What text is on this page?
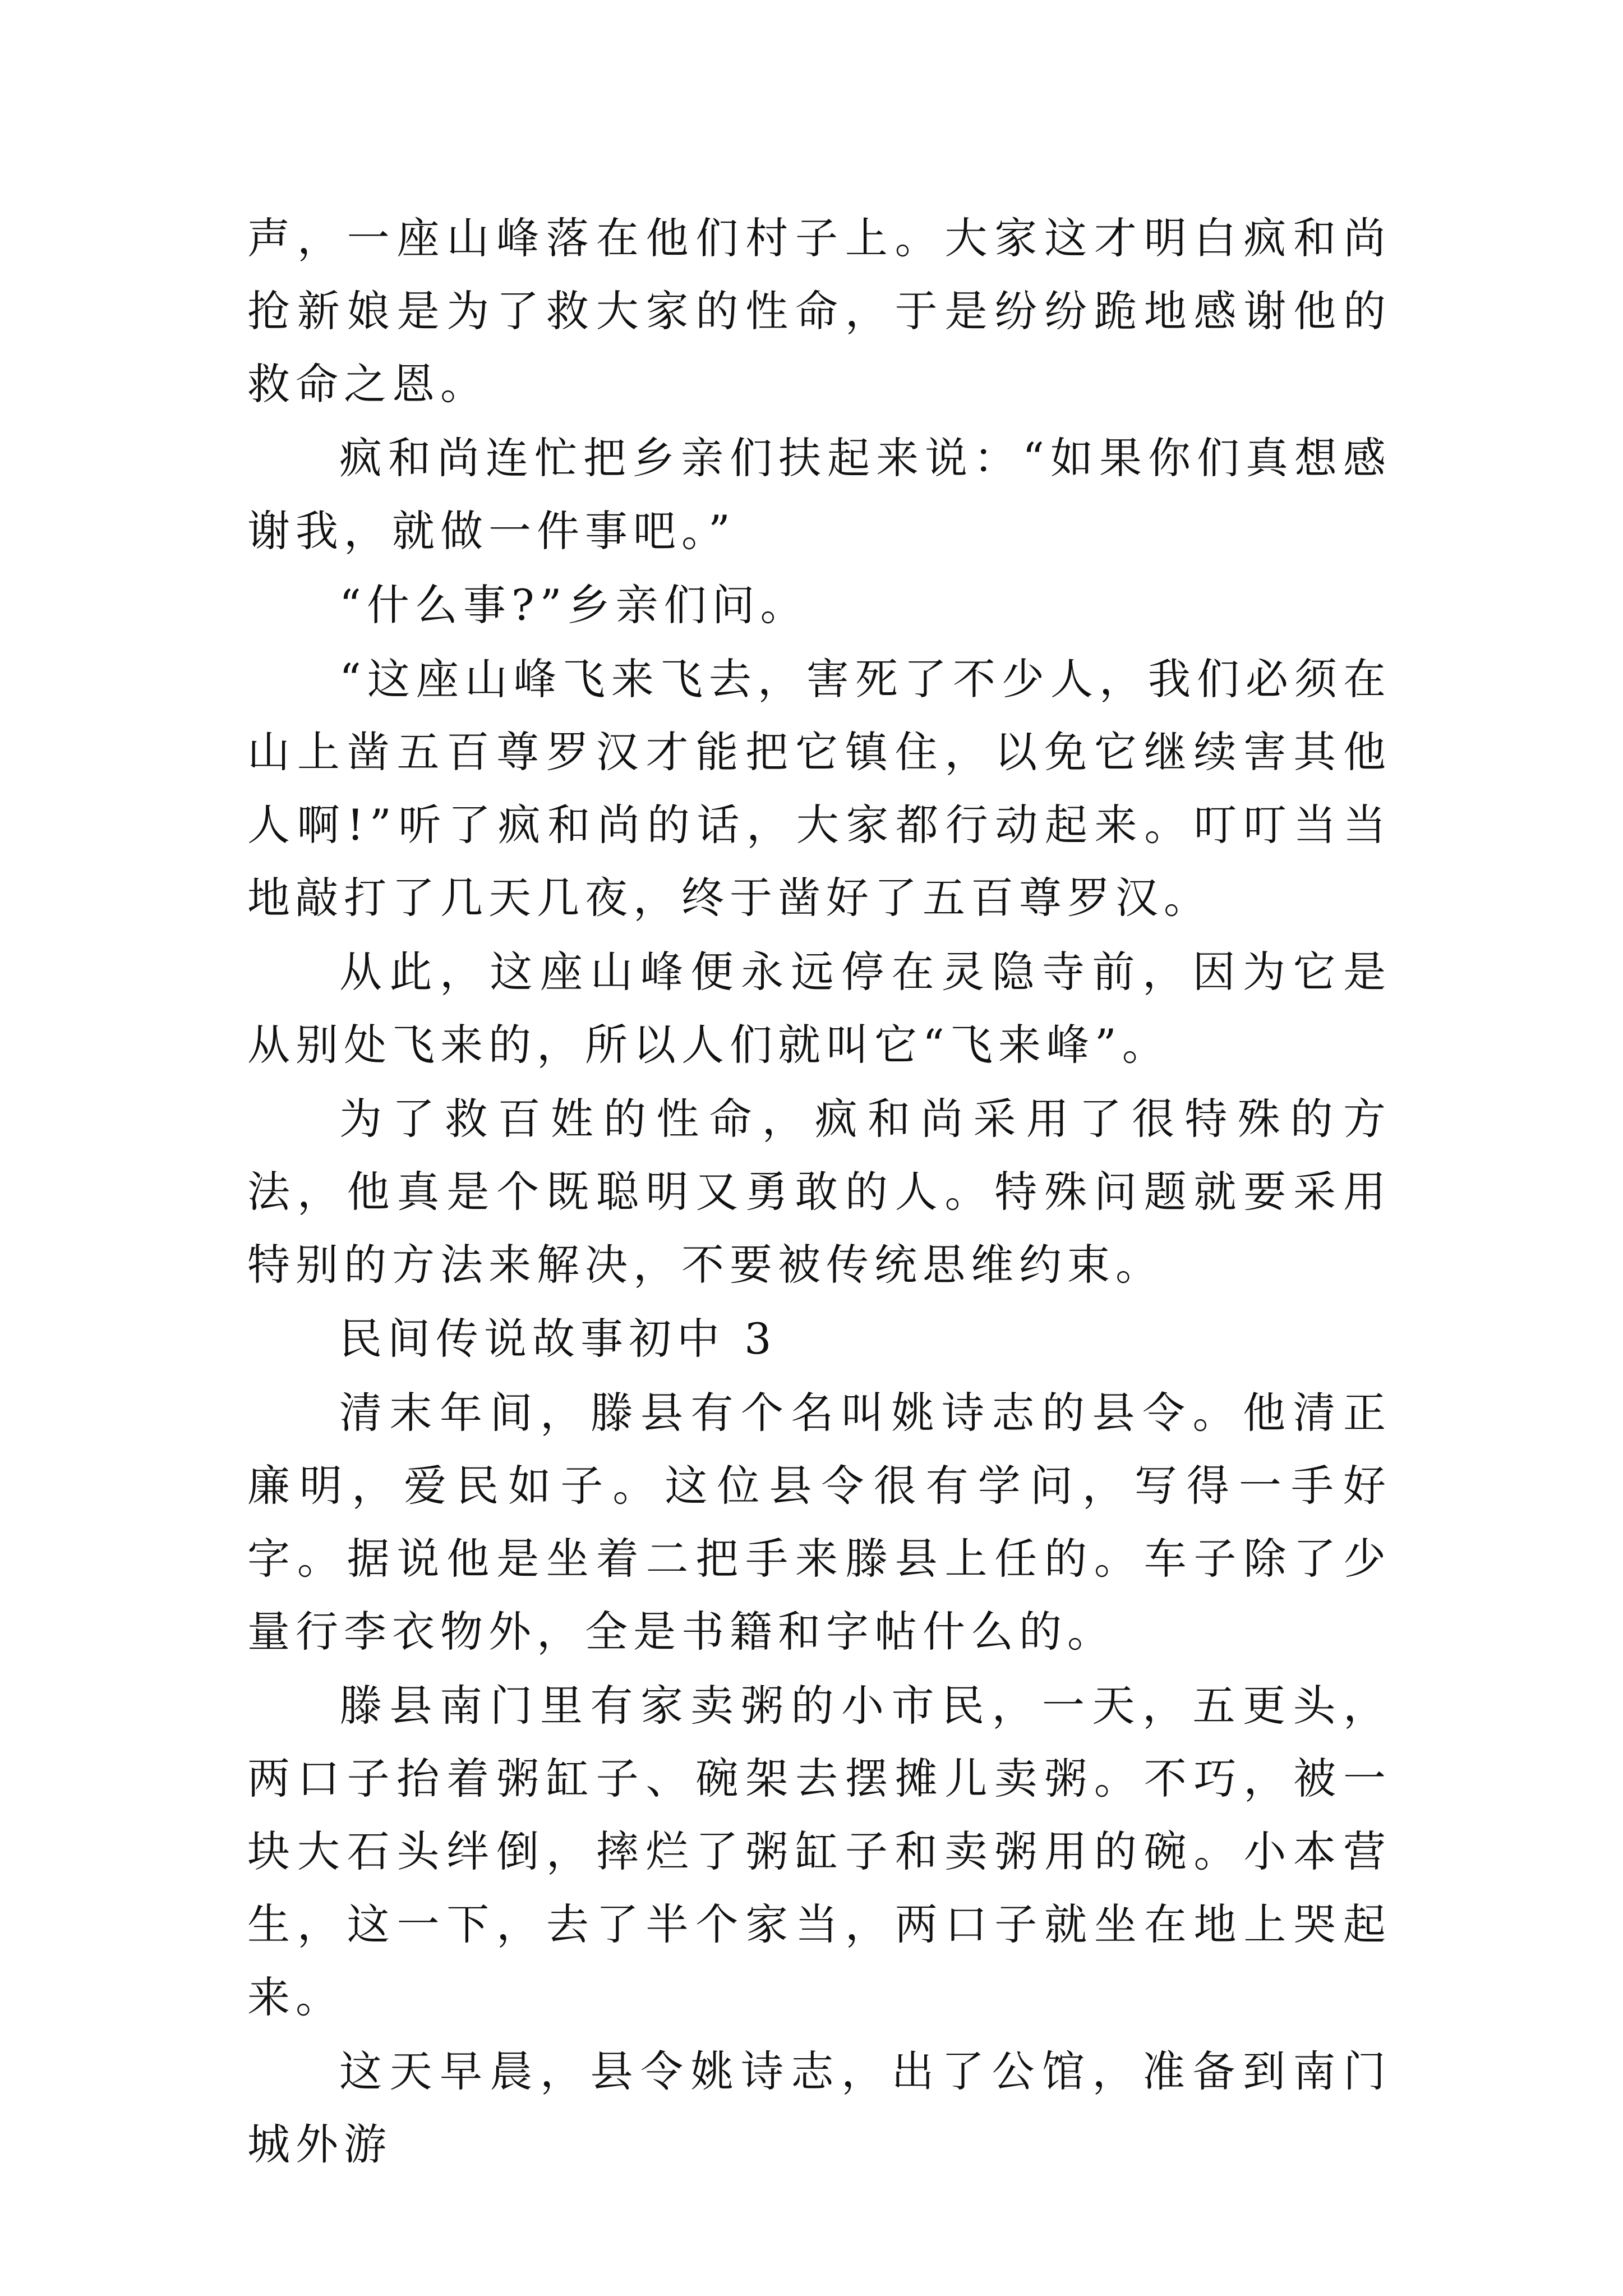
声，一座山峰落在他们村子上。大家这才明白疯和尚抢新娘是为了救大家的性命，于是纷纷跪地感谢他的救命之恩。

疯和尚连忙把乡亲们扶起来说：“如果你们真想感谢我，就做一件事吧。”

“什么事?”乡亲们问。

“这座山峰飞来飞去，害死了不少人，我们必须在山上凿五百尊罗汉才能把它镇住，以免它继续害其他人啊!”听了疯和尚的话，大家都行动起来。叮叮当当地敲打了几天几夜，终于凿好了五百尊罗汉。

从此，这座山峰便永远停在灵隐寺前，因为它是从别处飞来的，所以人们就叫它“飞来峰”。

为了救百姓的性命，疯和尚采用了很特殊的方法，他真是个既聪明又勇敢的人。特殊问题就要采用特别的方法来解决，不要被传统思维约束。

民间传说故事初中 3

清末年间，滕县有个名叫姚诗志的县令。他清正廉明，爱民如子。这位县令很有学问，写得一手好字。据说他是坐着二把手来滕县上任的。车子除了少量行李衣物外，全是书籍和字帖什么的。

滕县南门里有家卖粥的小市民，一天，五更头，两口子抬着粥缸子、碗架去摆摊儿卖粥。不巧，被一块大石头绊倒，摔烂了粥缸子和卖粥用的碗。小本营生，这一下，去了半个家当，两口子就坐在地上哭起来。

这天早晨，县令姚诗志，出了公馆，准备到南门城外游
